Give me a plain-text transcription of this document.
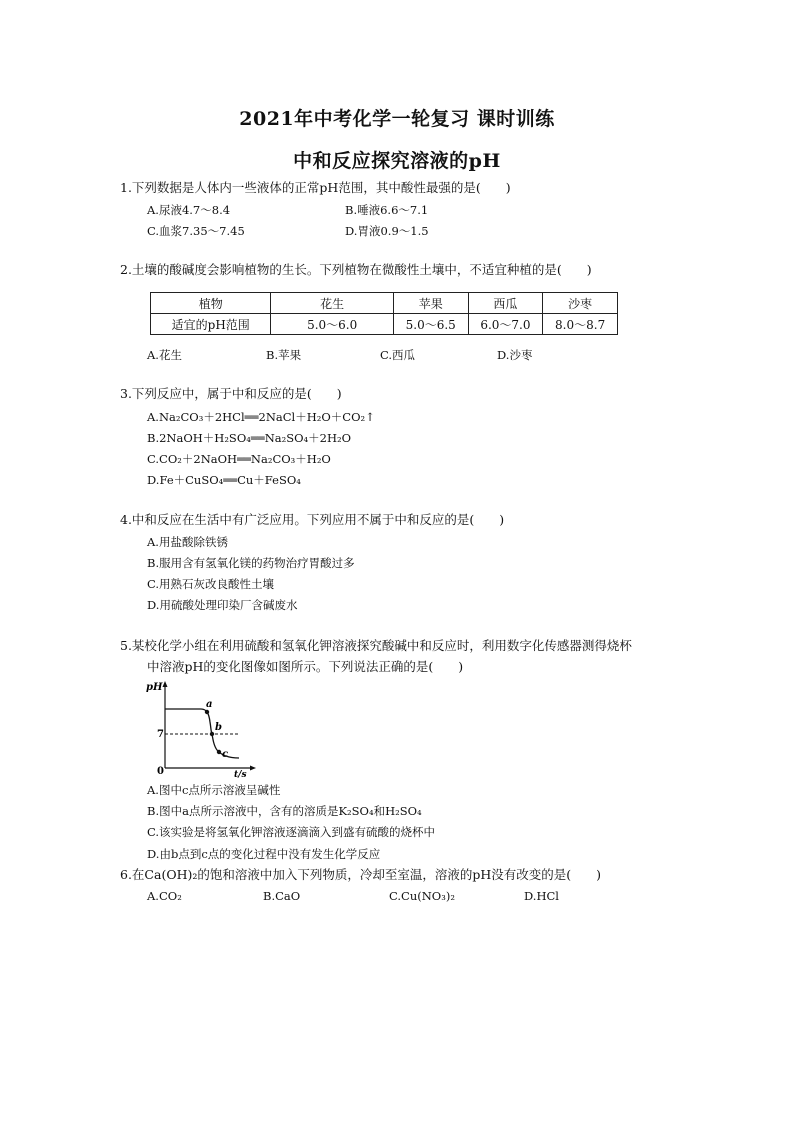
2021年中考化学一轮复习 课时训练
中和反应探究溶液的pH
1.下列数据是人体内一些液体的正常pH范围，其中酸性最强的是(　　)
A.尿液4.7～8.4	B.唾液6.6～7.1
C.血浆7.35～7.45	D.胃液0.9～1.5
2.土壤的酸碱度会影响植物的生长。下列植物在微酸性土壤中，不适宜种植的是(　　)
植物	花生	苹果	西瓜	沙枣
适宜的pH范围	5.0～6.0	5.0～6.5	6.0～7.0	8.0～8.7
A.花生	B.苹果	C.西瓜	D.沙枣
3.下列反应中，属于中和反应的是(　　)
A.Na₂CO₃＋2HCl══2NaCl＋H₂O＋CO₂↑
B.2NaOH＋H₂SO₄══Na₂SO₄＋2H₂O
C.CO₂＋2NaOH══Na₂CO₃＋H₂O
D.Fe＋CuSO₄══Cu＋FeSO₄
4.中和反应在生活中有广泛应用。下列应用不属于中和反应的是(　　)
A.用盐酸除铁锈
B.服用含有氢氧化镁的药物治疗胃酸过多
C.用熟石灰改良酸性土壤
D.用硫酸处理印染厂含碱废水
5.某校化学小组在利用硫酸和氢氧化钾溶液探究酸碱中和反应时，利用数字化传感器测得烧杯
中溶液pH的变化图像如图所示。下列说法正确的是(　　)
pH
7
0	t/s
a
b
c
A.图中c点所示溶液呈碱性
B.图中a点所示溶液中，含有的溶质是K₂SO₄和H₂SO₄
C.该实验是将氢氧化钾溶液逐滴滴入到盛有硫酸的烧杯中
D.由b点到c点的变化过程中没有发生化学反应
6.在Ca(OH)₂的饱和溶液中加入下列物质，冷却至室温，溶液的pH没有改变的是(　　)
A.CO₂	B.CaO	C.Cu(NO₃)₂	D.HCl
